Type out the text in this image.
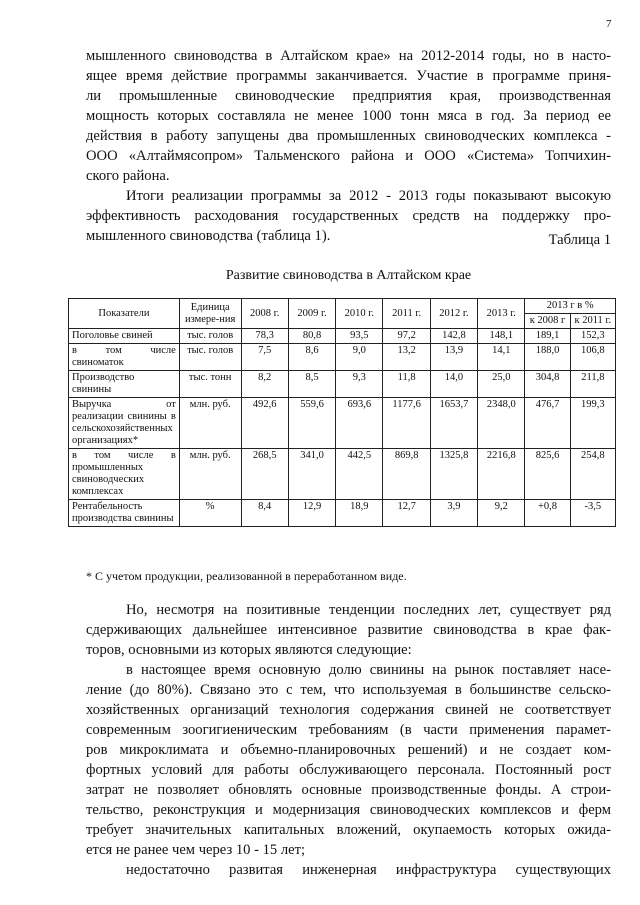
7
мышленного свиноводства в Алтайском крае» на 2012-2014 годы, но в насто-
ящее время действие программы заканчивается. Участие в программе приня-
ли промышленные свиноводческие предприятия края, производственная
мощность которых составляла не менее 1000 тонн мяса в год. За период ее
действия в работу запущены два промышленных свиноводческих комплекса -
ООО «Алтаймясопром» Тальменского района и ООО «Система» Топчихин-
ского района.
Итоги реализации программы за 2012 - 2013 годы показывают высокую
эффективность расходования государственных средств на поддержку про-
мышленного свиноводства (таблица 1).	Таблица 1
Развитие свиноводства в Алтайском крае
Показатели	Единица измере-ния	2008 г.	2009 г.	2010 г.	2011 г.	2012 г.	2013 г.	2013 г в %	
								к 2008 г	к 2011 г.
Поголовье свиней	тыс. голов	78,3	80,8	93,5	97,2	142,8	148,1	189,1	152,3
в том числе свиноматок	тыс. голов	7,5	8,6	9,0	13,2	13,9	14,1	188,0	106,8
Производство свинины	тыс. тонн	8,2	8,5	9,3	11,8	14,0	25,0	304,8	211,8
Выручка от реализации свинины в сельскохозяйственных организациях*	млн. руб.	492,6	559,6	693,6	1177,6	1653,7	2348,0	476,7	199,3
в том числе в промышленных свиноводческих комплексах	млн. руб.	268,5	341,0	442,5	869,8	1325,8	2216,8	825,6	254,8
Рентабельность производства свинины	%	8,4	12,9	18,9	12,7	3,9	9,2	+0,8	-3,5
* С учетом продукции, реализованной в переработанном виде.
Но, несмотря на позитивные тенденции последних лет, существует ряд
сдерживающих дальнейшее интенсивное развитие свиноводства в крае фак-
торов, основными из которых являются следующие:
в настоящее время основную долю свинины на рынок поставляет насе-
ление (до 80%). Связано это с тем, что используемая в большинстве сельско-
хозяйственных организаций технология содержания свиней не соответствует
современным зоогигиеническим требованиям (в части применения парамет-
ров микроклимата и объемно-планировочных решений) и не создает ком-
фортных условий для работы обслуживающего персонала. Постоянный рост
затрат не позволяет обновлять основные производственные фонды. А строи-
тельство, реконструкция и модернизация свиноводческих комплексов и ферм
требует значительных капитальных вложений, окупаемость которых ожида-
ется не ранее чем через 10 - 15 лет;
недостаточно развитая инженерная инфраструктура существующих
